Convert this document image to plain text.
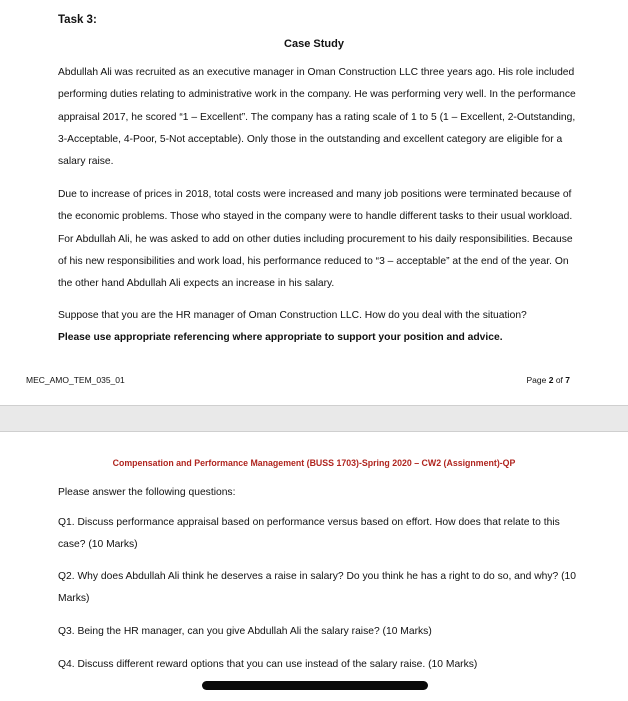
Task 3:
Case Study
Abdullah Ali was recruited as an executive manager in Oman Construction LLC three years ago. His role included performing duties relating to administrative work in the company. He was performing very well. In the performance appraisal 2017, he scored “1 – Excellent”. The company has a rating scale of 1 to 5 (1 – Excellent, 2-Outstanding, 3-Acceptable, 4-Poor, 5-Not acceptable). Only those in the outstanding and excellent category are eligible for a salary raise.
Due to increase of prices in 2018, total costs were increased and many job positions were terminated because of the economic problems. Those who stayed in the company were to handle different tasks to their usual workload. For Abdullah Ali, he was asked to add on other duties including procurement to his daily responsibilities. Because of his new responsibilities and work load, his performance reduced to “3 – acceptable” at the end of the year. On the other hand Abdullah Ali expects an increase in his salary.
Suppose that you are the HR manager of Oman Construction LLC. How do you deal with the situation?
Please use appropriate referencing where appropriate to support your position and advice.
MEC_AMO_TEM_035_01	Page 2 of 7
Compensation and Performance Management (BUSS 1703)-Spring 2020 – CW2 (Assignment)-QP
Please answer the following questions:
Q1. Discuss performance appraisal based on performance versus based on effort. How does that relate to this case? (10 Marks)
Q2. Why does Abdullah Ali think he deserves a raise in salary? Do you think he has a right to do so, and why? (10 Marks)
Q3. Being the HR manager, can you give Abdullah Ali the salary raise? (10 Marks)
Q4. Discuss different reward options that you can use instead of the salary raise. (10 Marks)
